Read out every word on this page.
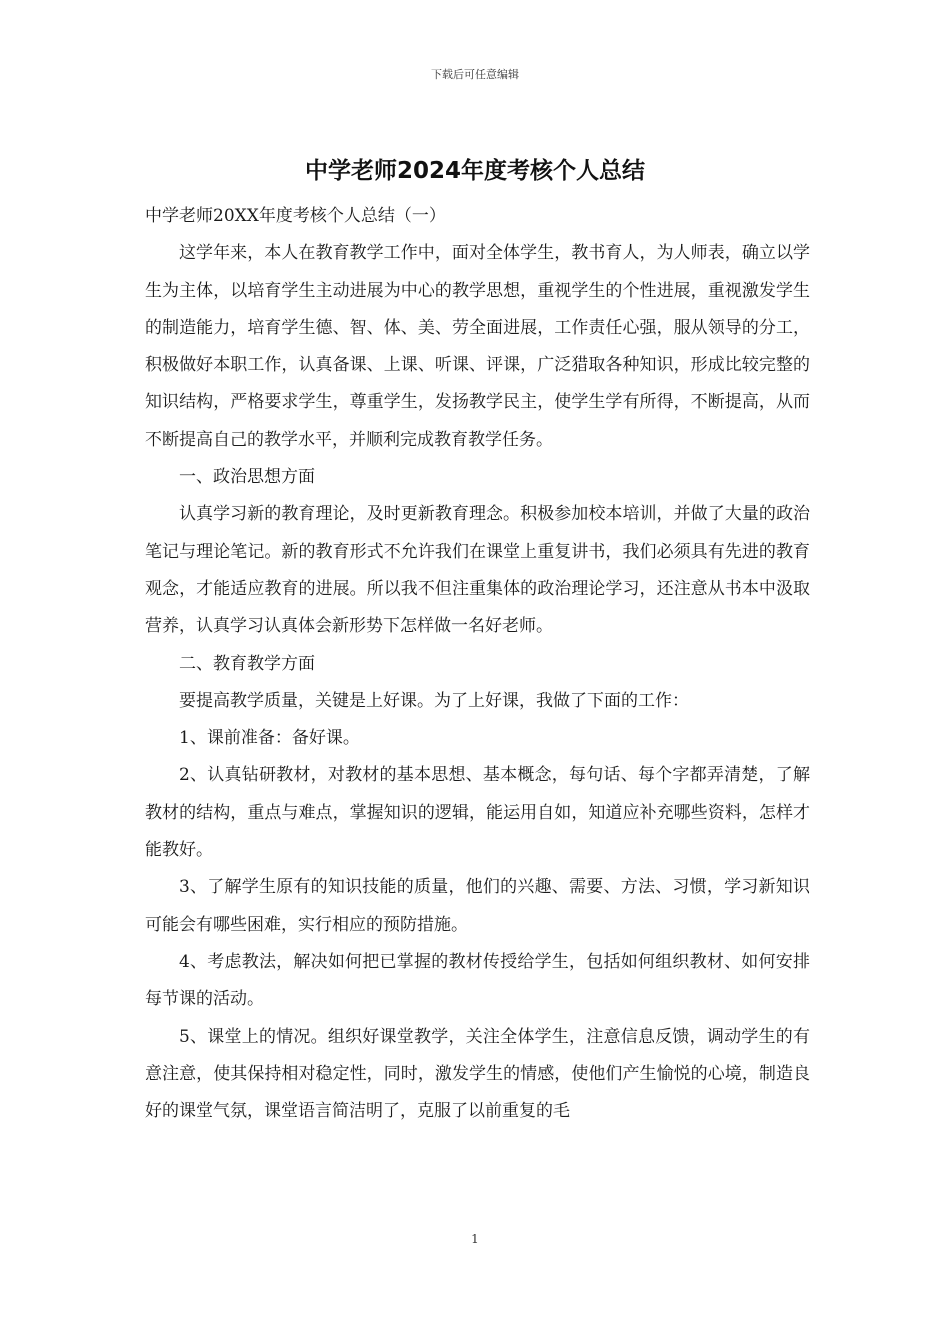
下载后可任意编辑
中学老师2024年度考核个人总结

中学老师20XX年度考核个人总结（一）

这学年来，本人在教育教学工作中，面对全体学生，教书育人，为人师表，确立以学生为主体，以培育学生主动进展为中心的教学思想，重视学生的个性进展，重视激发学生的制造能力，培育学生德、智、体、美、劳全面进展，工作责任心强，服从领导的分工，积极做好本职工作，认真备课、上课、听课、评课，广泛猎取各种知识，形成比较完整的知识结构，严格要求学生，尊重学生，发扬教学民主，使学生学有所得，不断提高，从而不断提高自己的教学水平，并顺利完成教育教学任务。

一、政治思想方面

认真学习新的教育理论，及时更新教育理念。积极参加校本培训，并做了大量的政治笔记与理论笔记。新的教育形式不允许我们在课堂上重复讲书，我们必须具有先进的教育观念，才能适应教育的进展。所以我不但注重集体的政治理论学习，还注意从书本中汲取营养，认真学习认真体会新形势下怎样做一名好老师。

二、教育教学方面

要提高教学质量，关键是上好课。为了上好课，我做了下面的工作：

1、课前准备：备好课。

2、认真钻研教材，对教材的基本思想、基本概念，每句话、每个字都弄清楚，了解教材的结构，重点与难点，掌握知识的逻辑，能运用自如，知道应补充哪些资料，怎样才能教好。

3、了解学生原有的知识技能的质量，他们的兴趣、需要、方法、习惯，学习新知识可能会有哪些困难，实行相应的预防措施。

4、考虑教法，解决如何把已掌握的教材传授给学生，包括如何组织教材、如何安排每节课的活动。

5、课堂上的情况。组织好课堂教学，关注全体学生，注意信息反馈，调动学生的有意注意，使其保持相对稳定性，同时，激发学生的情感，使他们产生愉悦的心境，制造良好的课堂气氛，课堂语言简洁明了，克服了以前重复的毛

1
